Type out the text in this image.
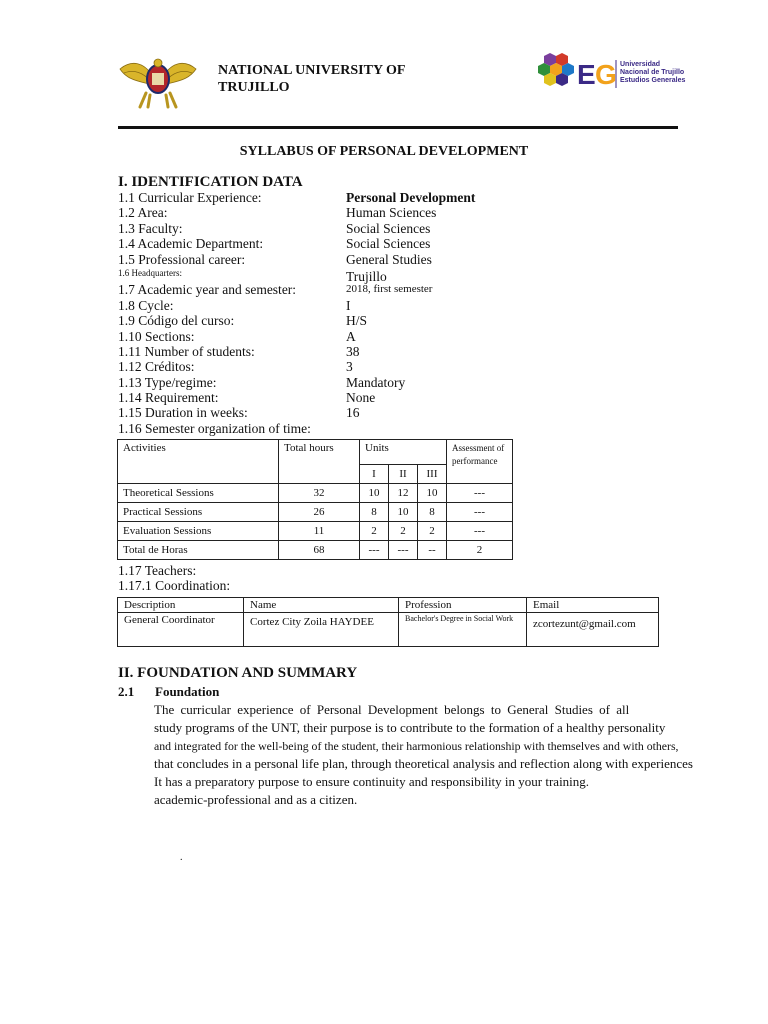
NATIONAL UNIVERSITY OF
TRUJILLO	E G Universidad
Nacional de Trujillo
Estudios Generales
SYLLABUS OF PERSONAL DEVELOPMENT
I. IDENTIFICATION DATA
1.1 Curricular Experience:	Personal Development
1.2 Area:	Human Sciences
1.3 Faculty:	Social Sciences
1.4 Academic Department:	Social Sciences
1.5 Professional career:	General Studies
1.6 Headquarters:	Trujillo
1.7 Academic year and semester:	2018, first semester
1.8 Cycle:	I
1.9 Código del curso:	H/S
1.10 Sections:	A
1.11 Number of students:	38
1.12 Créditos:	3
1.13 Type/regime:	Mandatory
1.14 Requirement:	None
1.15 Duration in weeks:	16
1.16 Semester organization of time:
Activities	Total hours	Units			Assessment of performance
		I	II	III	
Theoretical Sessions	32	10	12	10	---
Practical Sessions	26	8	10	8	---
Evaluation Sessions	11	2	2	2	---
Total de Horas	68	---	---	--	2
1.17 Teachers:
1.17.1 Coordination:
Description	Name	Profession	Email
General Coordinator	Cortez City Zoila HAYDEE	Bachelor's Degree in Social Work	zcortezunt@gmail.com
II. FOUNDATION AND SUMMARY
2.1 Foundation
The curricular experience of Personal Development belongs to General Studies of all
study programs of the UNT, their purpose is to contribute to the formation of a healthy personality
and integrated for the well-being of the student, their harmonious relationship with themselves and with others,
that concludes in a personal life plan, through theoretical analysis and reflection along with experiences
It has a preparatory purpose to ensure continuity and responsibility in your training.
academic-professional and as a citizen.
.
